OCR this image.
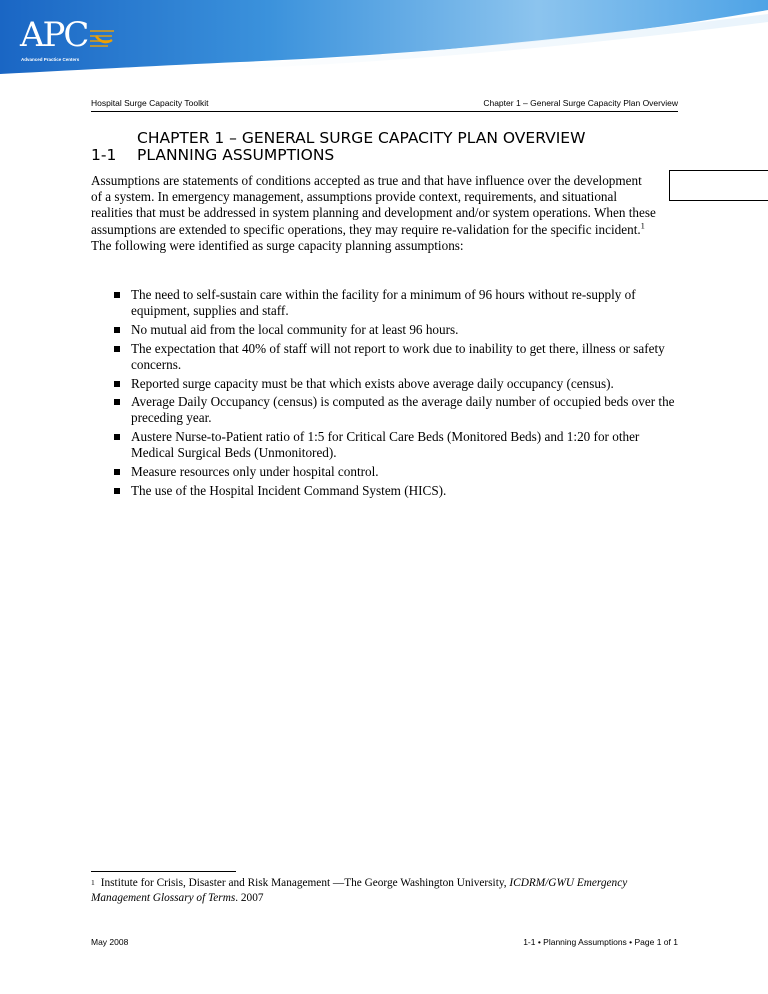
APC
Advanced Practice Centers
Hospital Surge Capacity Toolkit	Chapter 1 – General Surge Capacity Plan Overview
CHAPTER 1 – GENERAL SURGE CAPACITY PLAN OVERVIEW
1-1 PLANNING ASSUMPTIONS
Assumptions are statements of conditions accepted as true and that have influence over the development of a system. In emergency management, assumptions provide context, requirements, and situational realities that must be addressed in system planning and development and/or system operations. When these assumptions are extended to specific operations, they may require re-validation for the specific incident.$^1$ The following were identified as surge capacity planning assumptions:
The need to self-sustain care within the facility for a minimum of 96 hours without re-supply of equipment, supplies and staff.
No mutual aid from the local community for at least 96 hours.
The expectation that 40% of staff will not report to work due to inability to get there, illness or safety concerns.
Reported surge capacity must be that which exists above average daily occupancy (census).
Average Daily Occupancy (census) is computed as the average daily number of occupied beds over the preceding year.
Austere Nurse-to-Patient ratio of 1:5 for Critical Care Beds (Monitored Beds) and 1:20 for other Medical Surgical Beds (Unmonitored).
Measure resources only under hospital control.
The use of the Hospital Incident Command System (HICS).
$^1$ Institute for Crisis, Disaster and Risk Management —The George Washington University, ICDRM/GWU Emergency Management Glossary of Terms. 2007
May 2008	1-1 • Planning Assumptions • Page 1 of 1
